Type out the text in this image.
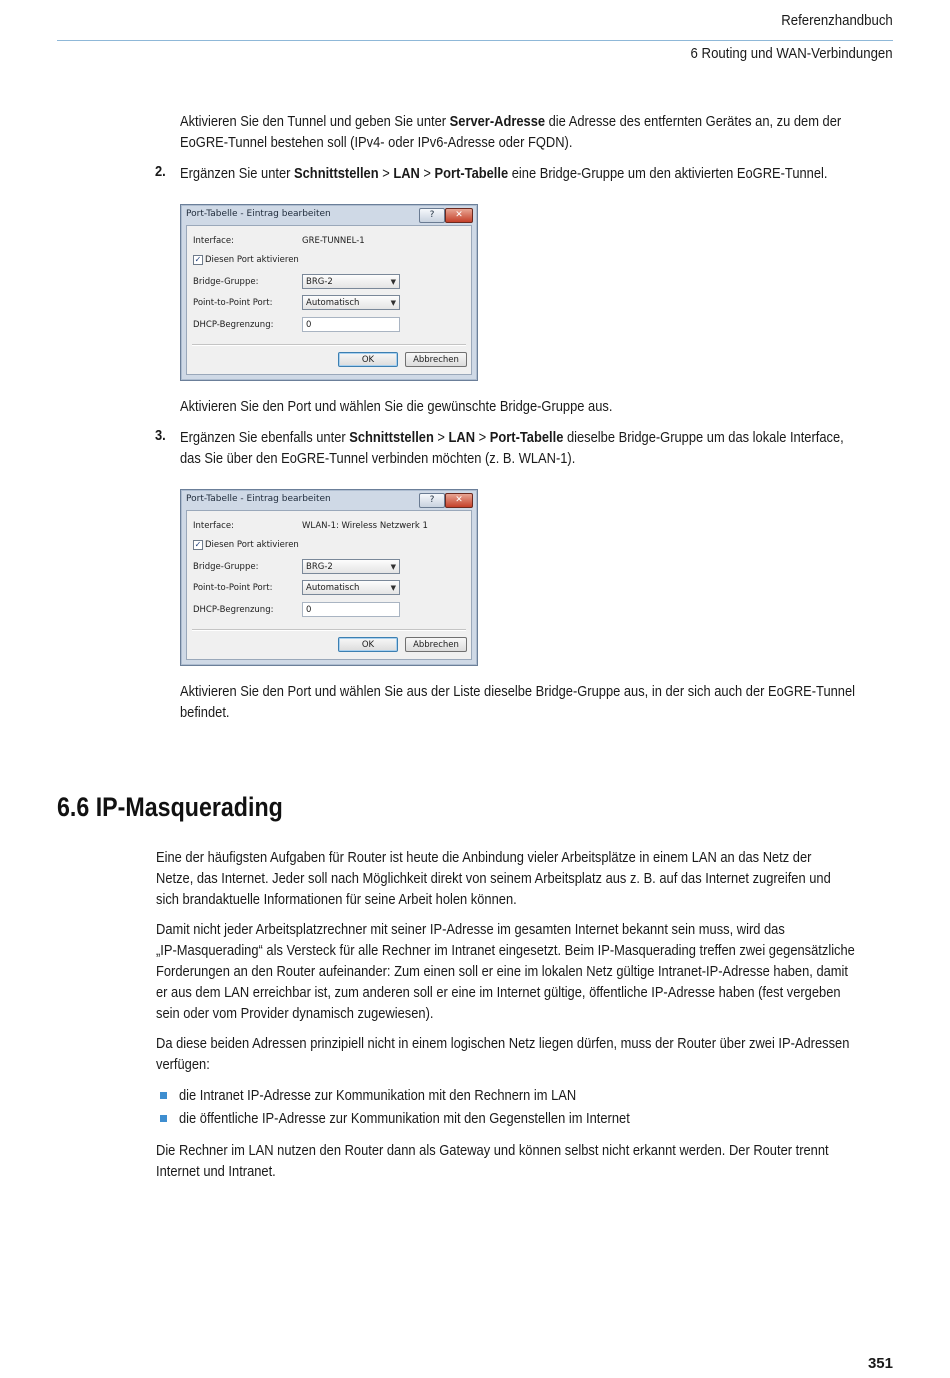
Referenzhandbuch
6 Routing und WAN-Verbindungen
Aktivieren Sie den Tunnel und geben Sie unter Server-Adresse die Adresse des entfernten Gerätes an, zu dem der
EoGRE-Tunnel bestehen soll (IPv4- oder IPv6-Adresse oder FQDN).
2. Ergänzen Sie unter Schnittstellen > LAN > Port-Tabelle eine Bridge-Gruppe um den aktivierten EoGRE-Tunnel.
Port-Tabelle - Eintrag bearbeiten	?	✕
Interface:	GRE-TUNNEL-1
✓ Diesen Port aktivieren
Bridge-Gruppe:	BRG-2	▼
Point-to-Point Port:	Automatisch	▼
DHCP-Begrenzung:	0
OK	Abbrechen
Aktivieren Sie den Port und wählen Sie die gewünschte Bridge-Gruppe aus.
3. Ergänzen Sie ebenfalls unter Schnittstellen > LAN > Port-Tabelle dieselbe Bridge-Gruppe um das lokale Interface,
das Sie über den EoGRE-Tunnel verbinden möchten (z. B. WLAN-1).
Port-Tabelle - Eintrag bearbeiten	?	✕
Interface:	WLAN-1: Wireless Netzwerk 1
✓ Diesen Port aktivieren
Bridge-Gruppe:	BRG-2	▼
Point-to-Point Port:	Automatisch	▼
DHCP-Begrenzung:	0
OK	Abbrechen
Aktivieren Sie den Port und wählen Sie aus der Liste dieselbe Bridge-Gruppe aus, in der sich auch der EoGRE-Tunnel
befindet.
6.6 IP-Masquerading
Eine der häufigsten Aufgaben für Router ist heute die Anbindung vieler Arbeitsplätze in einem LAN an das Netz der
Netze, das Internet. Jeder soll nach Möglichkeit direkt von seinem Arbeitsplatz aus z. B. auf das Internet zugreifen und
sich brandaktuelle Informationen für seine Arbeit holen können.
Damit nicht jeder Arbeitsplatzrechner mit seiner IP-Adresse im gesamten Internet bekannt sein muss, wird das
„IP-Masquerading“ als Versteck für alle Rechner im Intranet eingesetzt. Beim IP-Masquerading treffen zwei gegensätzliche
Forderungen an den Router aufeinander: Zum einen soll er eine im lokalen Netz gültige Intranet-IP-Adresse haben, damit
er aus dem LAN erreichbar ist, zum anderen soll er eine im Internet gültige, öffentliche IP-Adresse haben (fest vergeben
sein oder vom Provider dynamisch zugewiesen).
Da diese beiden Adressen prinzipiell nicht in einem logischen Netz liegen dürfen, muss der Router über zwei IP-Adressen
verfügen:
die Intranet IP-Adresse zur Kommunikation mit den Rechnern im LAN
die öffentliche IP-Adresse zur Kommunikation mit den Gegenstellen im Internet
Die Rechner im LAN nutzen den Router dann als Gateway und können selbst nicht erkannt werden. Der Router trennt
Internet und Intranet.
351
